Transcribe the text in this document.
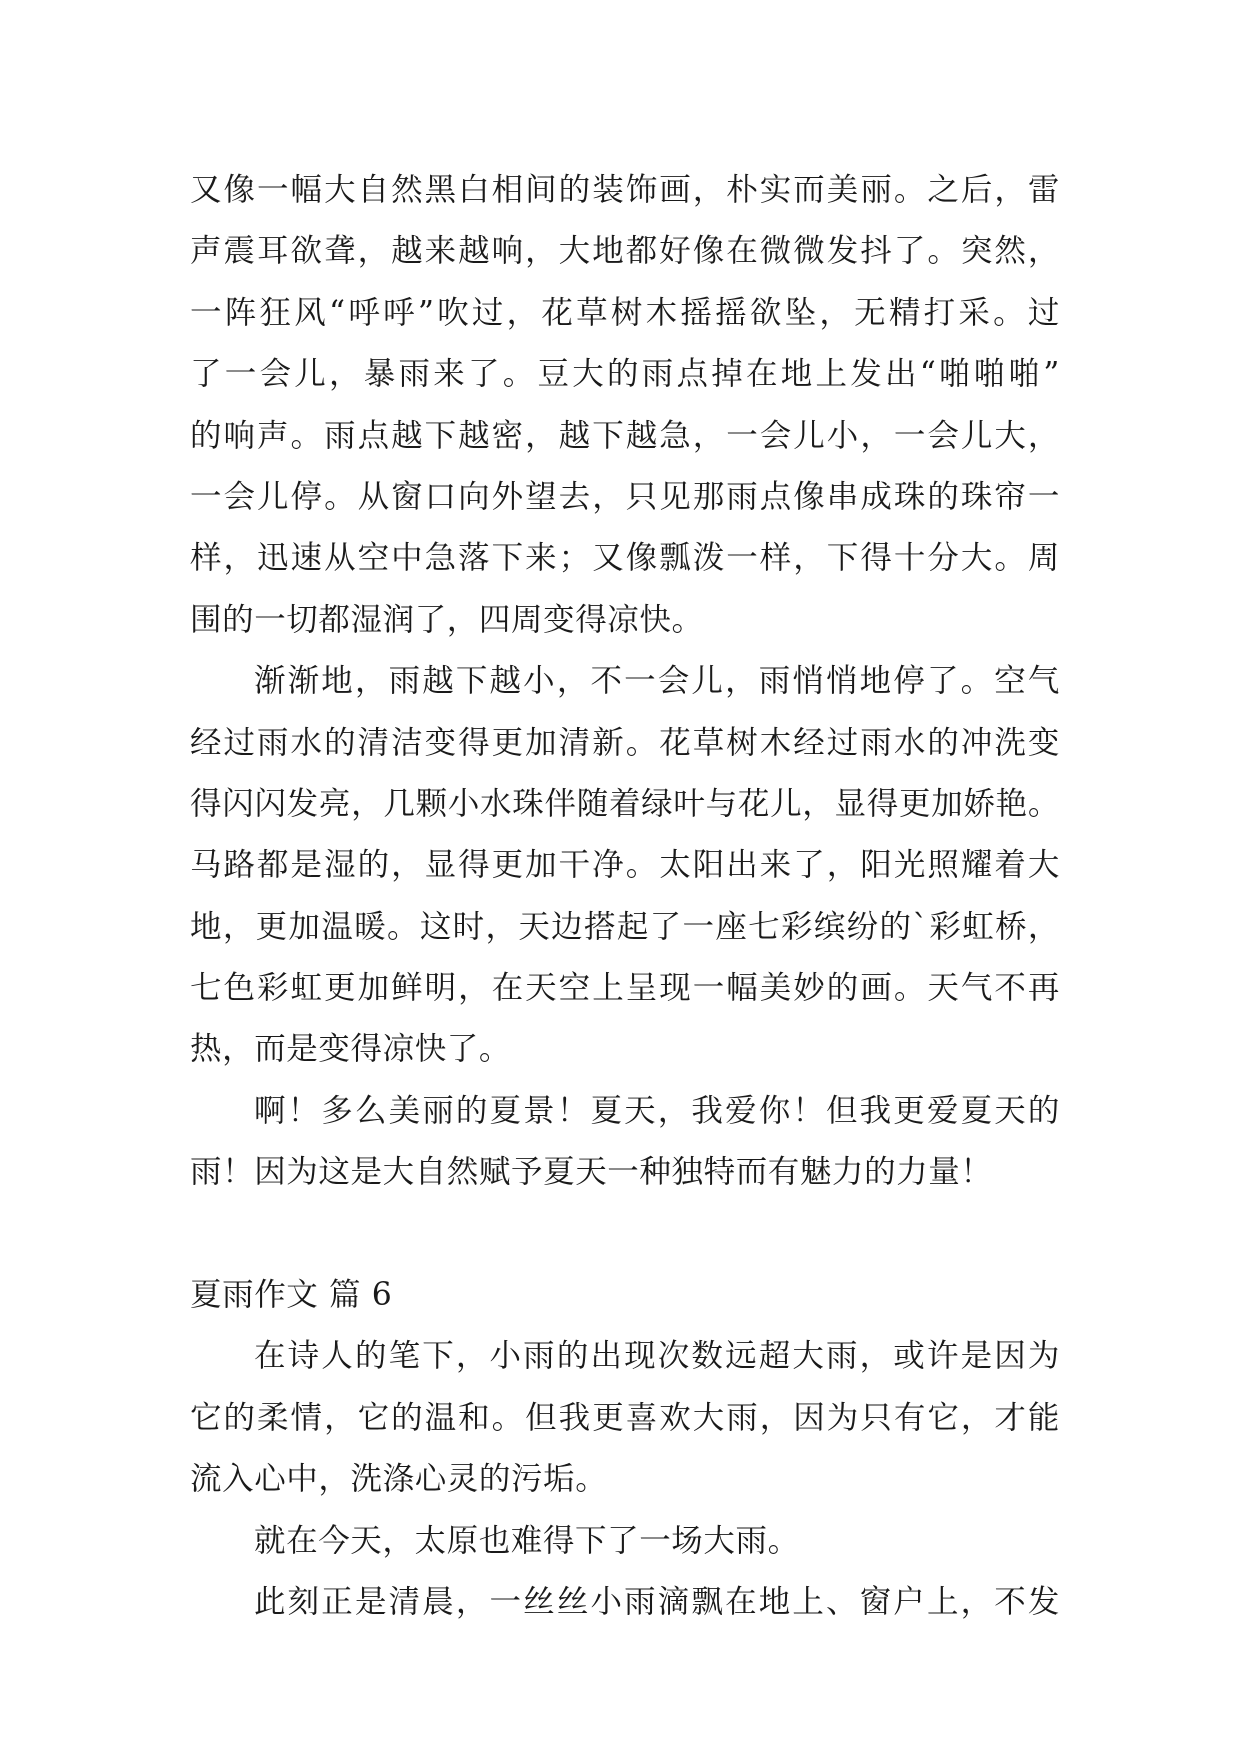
又像一幅大自然黑白相间的装饰画，朴实而美丽。之后，雷
声震耳欲聋，越来越响，大地都好像在微微发抖了。突然，
一阵狂风“呼呼”吹过，花草树木摇摇欲坠，无精打采。过
了一会儿，暴雨来了。豆大的雨点掉在地上发出“啪啪啪”
的响声。雨点越下越密，越下越急，一会儿小，一会儿大，
一会儿停。从窗口向外望去，只见那雨点像串成珠的珠帘一
样，迅速从空中急落下来；又像瓢泼一样，下得十分大。周
围的一切都湿润了，四周变得凉快。
渐渐地，雨越下越小，不一会儿，雨悄悄地停了。空气
经过雨水的清洁变得更加清新。花草树木经过雨水的冲洗变
得闪闪发亮，几颗小水珠伴随着绿叶与花儿，显得更加娇艳。
马路都是湿的，显得更加干净。太阳出来了，阳光照耀着大
地，更加温暖。这时，天边搭起了一座七彩缤纷的`彩虹桥，
七色彩虹更加鲜明，在天空上呈现一幅美妙的画。天气不再
热，而是变得凉快了。
啊！多么美丽的夏景！夏天，我爱你！但我更爱夏天的
雨！因为这是大自然赋予夏天一种独特而有魅力的力量！
夏雨作文 篇 6
在诗人的笔下，小雨的出现次数远超大雨，或许是因为
它的柔情，它的温和。但我更喜欢大雨，因为只有它，才能
流入心中，洗涤心灵的污垢。
就在今天，太原也难得下了一场大雨。
此刻正是清晨，一丝丝小雨滴飘在地上、窗户上，不发
